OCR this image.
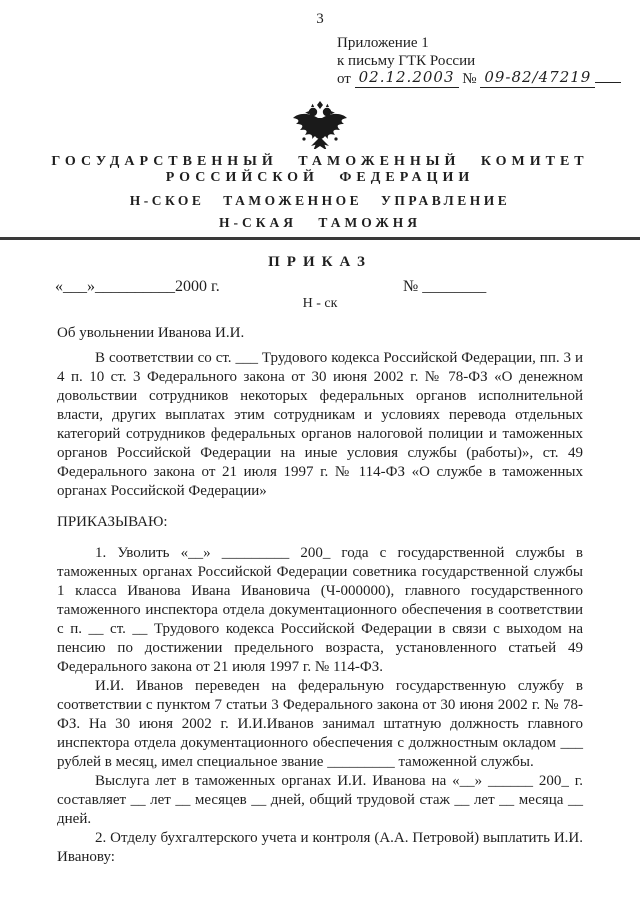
3
Приложение 1
к письму ГТК России
от 02.12.2003 № 09-82/47219
ГОСУДАРСТВЕННЫЙ ТАМОЖЕННЫЙ КОМИТЕТ
РОССИЙСКОЙ ФЕДЕРАЦИИ
Н-СКОЕ ТАМОЖЕННОЕ УПРАВЛЕНИЕ
Н-СКАЯ ТАМОЖНЯ
ПРИКАЗ
«___»__________2000 г.	№ ________
Н - ск
Об увольнении Иванова И.И.

В соответствии со ст. ___ Трудового кодекса Российской Федерации, пп. 3 и 4 п. 10 ст. 3 Федерального закона от 30 июня 2002 г. № 78-ФЗ «О денежном довольствии сотрудников некоторых федеральных органов исполнительной власти, других выплатах этим сотрудникам и условиях перевода отдельных категорий сотрудников федеральных органов налоговой полиции и таможенных органов Российской Федерации на иные условия службы (работы)», ст. 49 Федерального закона от 21 июля 1997 г. № 114-ФЗ «О службе в таможенных органах Российской Федерации»

ПРИКАЗЫВАЮ:

1. Уволить «__» _________ 200_ года с государственной службы в таможенных органах Российской Федерации советника государственной службы 1 класса Иванова Ивана Ивановича (Ч-000000), главного государственного таможенного инспектора отдела документационного обеспечения в соответствии с п. __ ст. __ Трудового кодекса Российской Федерации в связи с выходом на пенсию по достижении предельного возраста, установленного статьей 49 Федерального закона от 21 июля 1997 г. № 114-ФЗ.

И.И. Иванов переведен на федеральную государственную службу в соответствии с пунктом 7 статьи 3 Федерального закона от 30 июня 2002 г. № 78-ФЗ. На 30 июня 2002 г. И.И.Иванов занимал штатную должность главного инспектора отдела документационного обеспечения с должностным окладом ___ рублей в месяц, имел специальное звание _________ таможенной службы.

Выслуга лет в таможенных органах И.И. Иванова на «__» ______ 200_ г. составляет __ лет __ месяцев __ дней, общий трудовой стаж __ лет __ месяца __ дней.

2. Отделу бухгалтерского учета и контроля (А.А. Петровой) выплатить И.И. Иванову:
